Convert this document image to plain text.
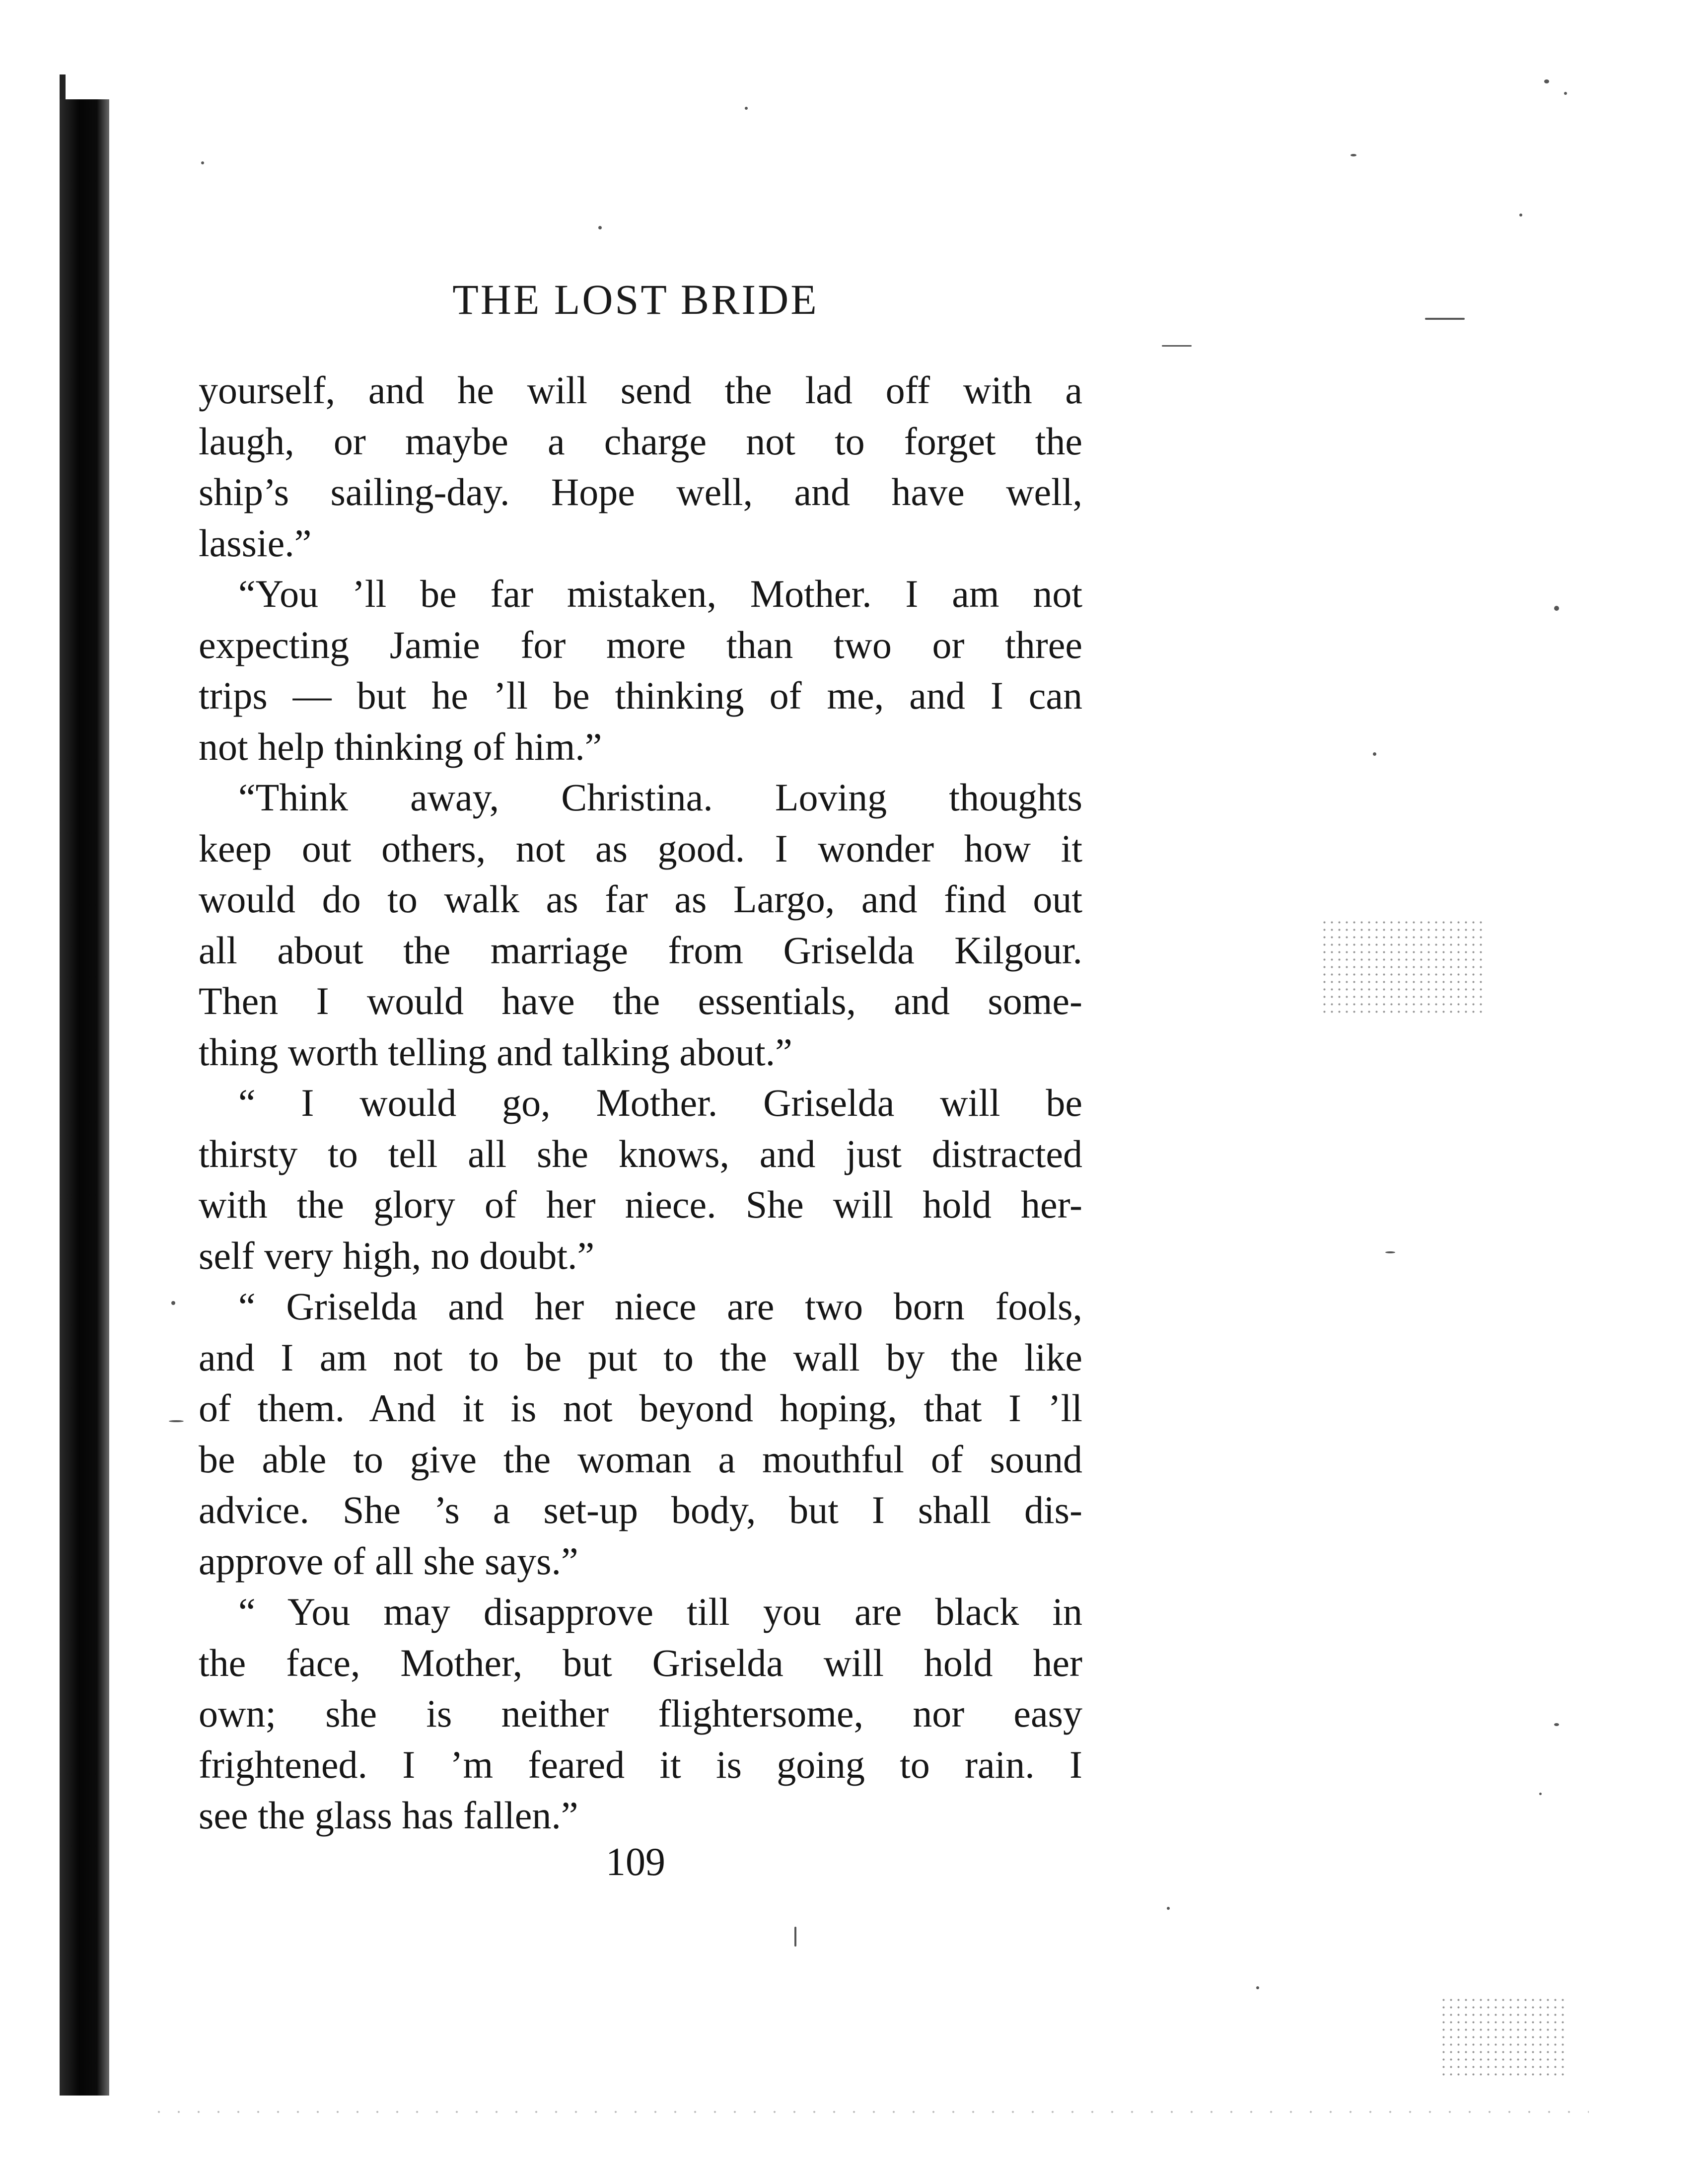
THE LOST BRIDE
yourself, and he will send the lad off with a
laugh, or maybe a charge not to forget the
ship’s sailing-day. Hope well, and have well,
lassie.”
“You ’ll be far mistaken, Mother. I am not
expecting Jamie for more than two or three
trips — but he ’ll be thinking of me, and I can
not help thinking of him.”
“Think away, Christina. Loving thoughts
keep out others, not as good. I wonder how it
would do to walk as far as Largo, and find out
all about the marriage from Griselda Kilgour.
Then I would have the essentials, and some-
thing worth telling and talking about.”
“ I would go, Mother. Griselda will be
thirsty to tell all she knows, and just distracted
with the glory of her niece. She will hold her-
self very high, no doubt.”
“ Griselda and her niece are two born fools,
and I am not to be put to the wall by the like
of them. And it is not beyond hoping, that I ’ll
be able to give the woman a mouthful of sound
advice. She ’s a set-up body, but I shall dis-
approve of all she says.”
“ You may disapprove till you are black in
the face, Mother, but Griselda will hold her
own; she is neither flightersome, nor easy
frightened. I ’m feared it is going to rain. I
see the glass has fallen.”
109
